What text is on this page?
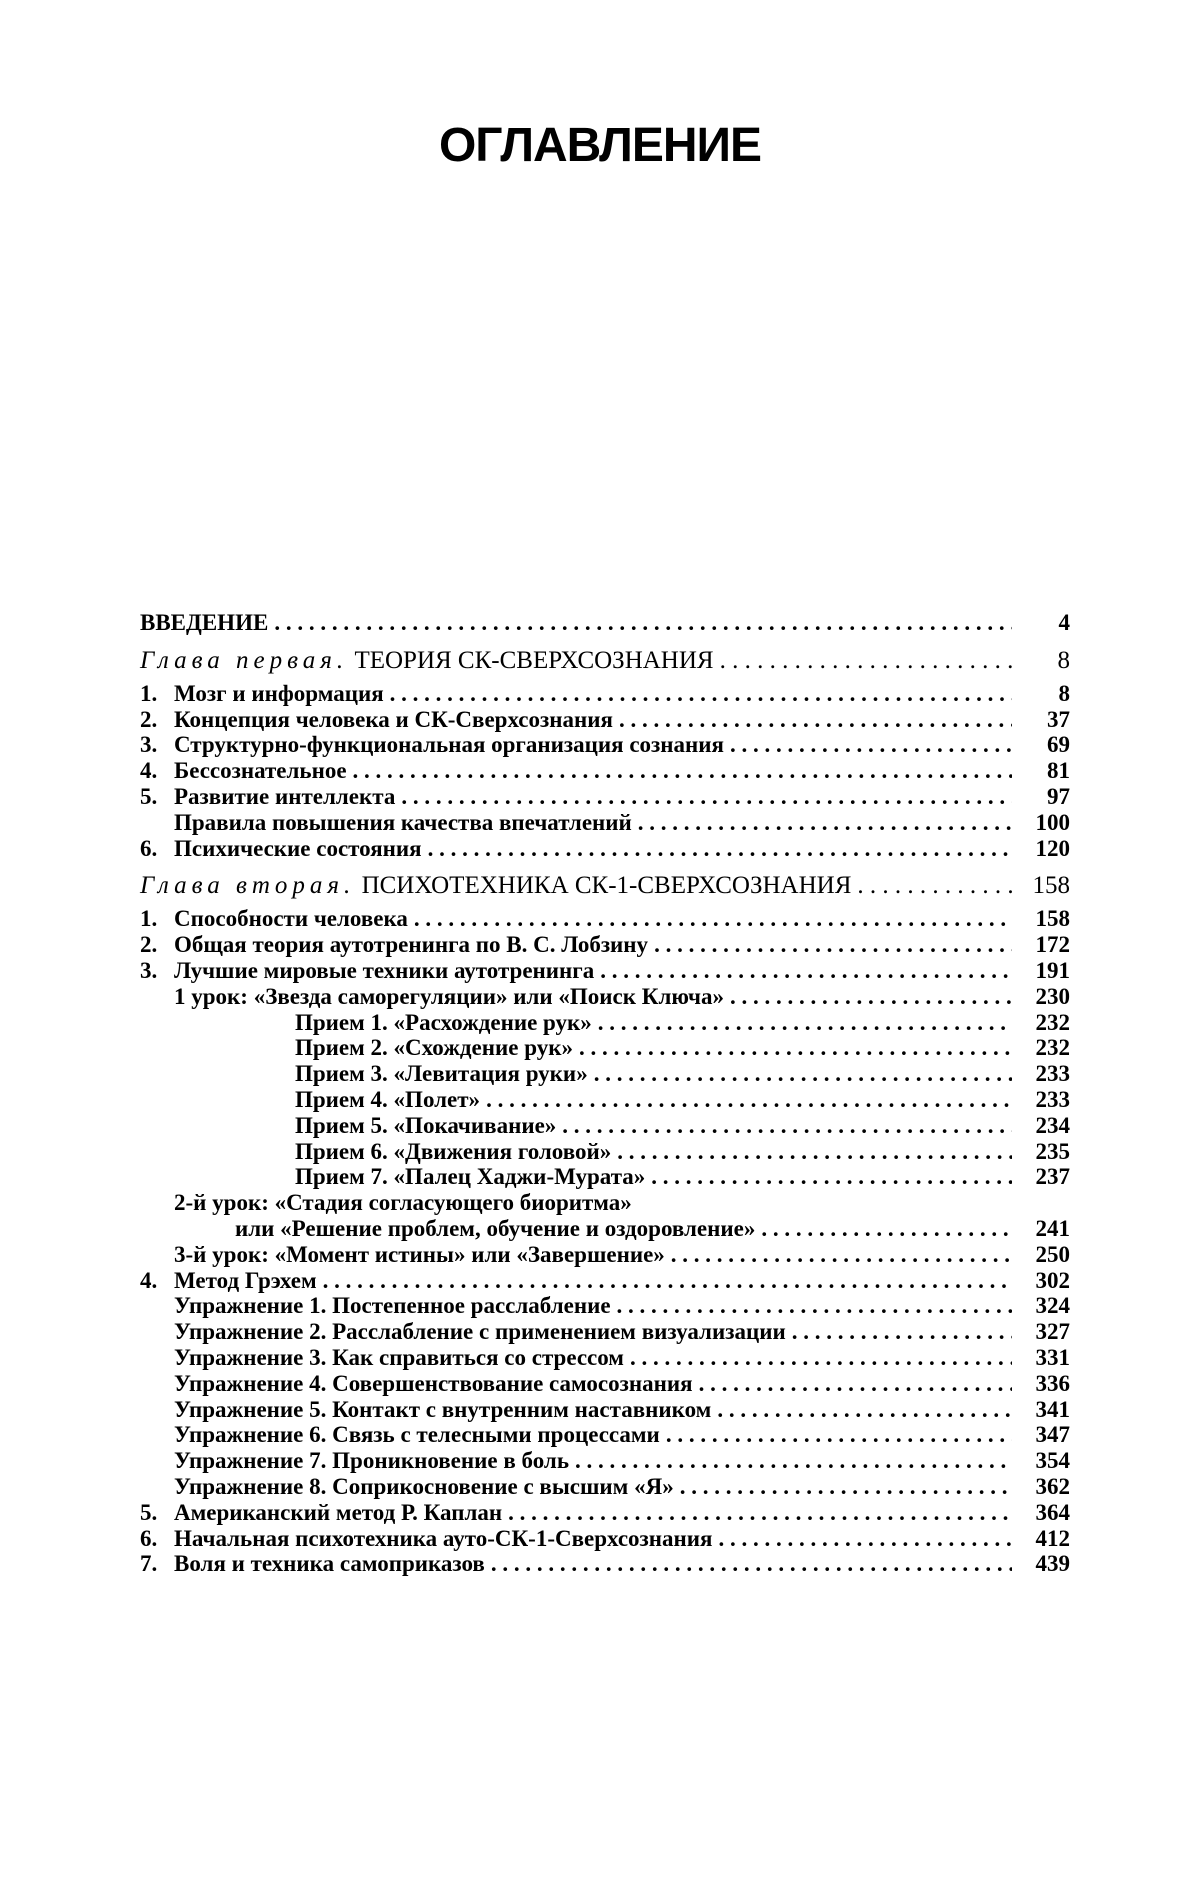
ОГЛАВЛЕНИЕ
ВВЕДЕНИЕ . . .	4
Глава первая. ТЕОРИЯ СК-СВЕРХСОЗНАНИЯ . . .	8
1. Мозг и информация . . .	8
2. Концепция человека и СК-Сверхсознания . . .	37
3. Структурно-функциональная организация сознания . . .	69
4. Бессознательное . . .	81
5. Развитие интеллекта . . .	97
Правила повышения качества впечатлений . . .	100
6. Психические состояния . . .	120
Глава вторая. ПСИХОТЕХНИКА СК-1-СВЕРХСОЗНАНИЯ . . .	158
1. Способности человека . . .	158
2. Общая теория аутотренинга по В. С. Лобзину . . .	172
3. Лучшие мировые техники аутотренинга . . .	191
1 урок: «Звезда саморегуляции» или «Поиск Ключа» . . .	230
Прием 1. «Расхождение рук» . . .	232
Прием 2. «Схождение рук» . . .	232
Прием 3. «Левитация руки» . . .	233
Прием 4. «Полет» . . .	233
Прием 5. «Покачивание» . . .	234
Прием 6. «Движения головой» . . .	235
Прием 7. «Палец Хаджи-Мурата» . . .	237
2-й урок: «Стадия согласующего биоритма»
или «Решение проблем, обучение и оздоровление» . . .	241
3-й урок: «Момент истины» или «Завершение» . . .	250
4. Метод Грэхем . . .	302
Упражнение 1. Постепенное расслабление . . .	324
Упражнение 2. Расслабление с применением визуализации . . .	327
Упражнение 3. Как справиться со стрессом . . .	331
Упражнение 4. Совершенствование самосознания . . .	336
Упражнение 5. Контакт с внутренним наставником . . .	341
Упражнение 6. Связь с телесными процессами . . .	347
Упражнение 7. Проникновение в боль . . .	354
Упражнение 8. Соприкосновение с высшим «Я» . . .	362
5. Американский метод Р. Каплан . . .	364
6. Начальная психотехника ауто-СК-1-Сверхсознания . . .	412
7. Воля и техника самоприказов . . .	439
